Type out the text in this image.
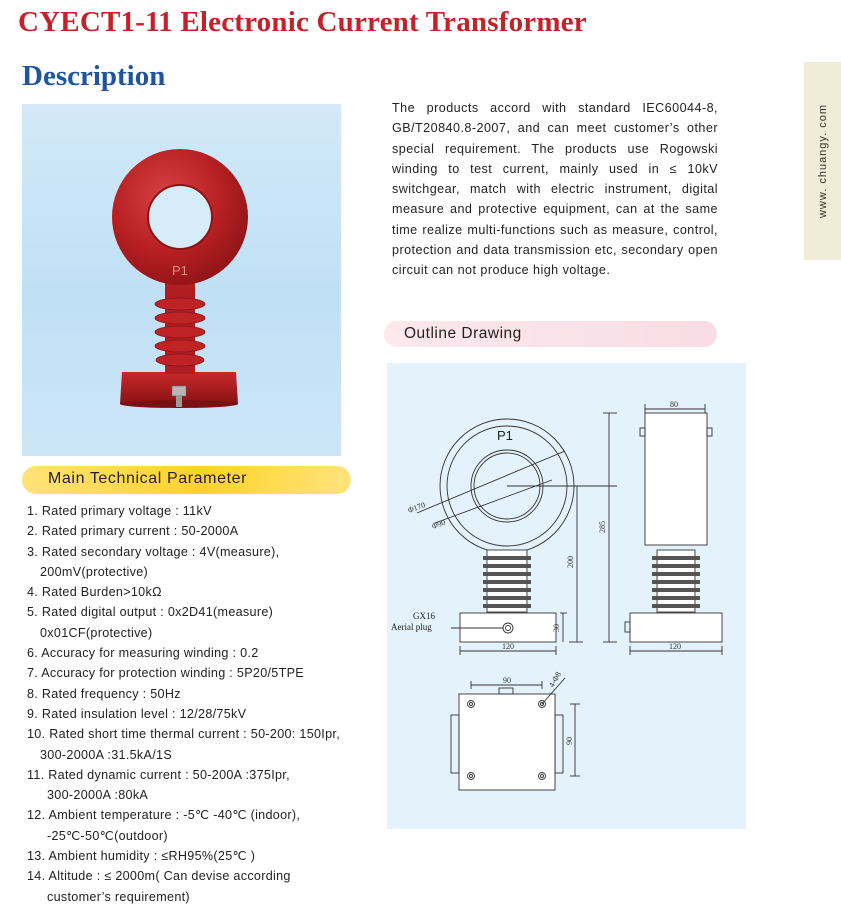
CYECT1-11 Electronic Current Transformer
Description
P1

The products accord with standard IEC60044-8, GB/T20840.8-2007, and can meet customer’s other special requirement. The products use Rogowski winding to test current, mainly used in ≤ 10kV switchgear, match with electric instrument, digital measure and protective equipment, can at the same time realize multi-functions such as measure, control, protection and data transmission etc, secondary open circuit can not produce high voltage.

Outline Drawing
P1
Φ170
Φ90
GX16
Aerial plug
120
200
30
80
120
285
90	4-Φ8
90
www. chuangy. com
Main Technical Parameter
1. Rated primary voltage : 11kV
2. Rated primary current : 50-2000A
3. Rated secondary voltage : 4V(measure),
200mV(protective)
4. Rated Burden>10kΩ
5. Rated digital output : 0x2D41(measure)
0x01CF(protective)
6. Accuracy for measuring winding : 0.2
7. Accuracy for protection winding : 5P20/5TPE
8. Rated frequency : 50Hz
9. Rated insulation level : 12/28/75kV
10. Rated short time thermal current : 50-200: 150Ipr,
300-2000A :31.5kA/1S
11. Rated dynamic current : 50-200A :375Ipr,
300-2000A :80kA
12. Ambient temperature : -5℃ -40℃ (indoor),
-25℃-50℃(outdoor)
13. Ambient humidity : ≤RH95%(25℃ )
14. Altitude : ≤ 2000m( Can devise according
customer’s requirement)
